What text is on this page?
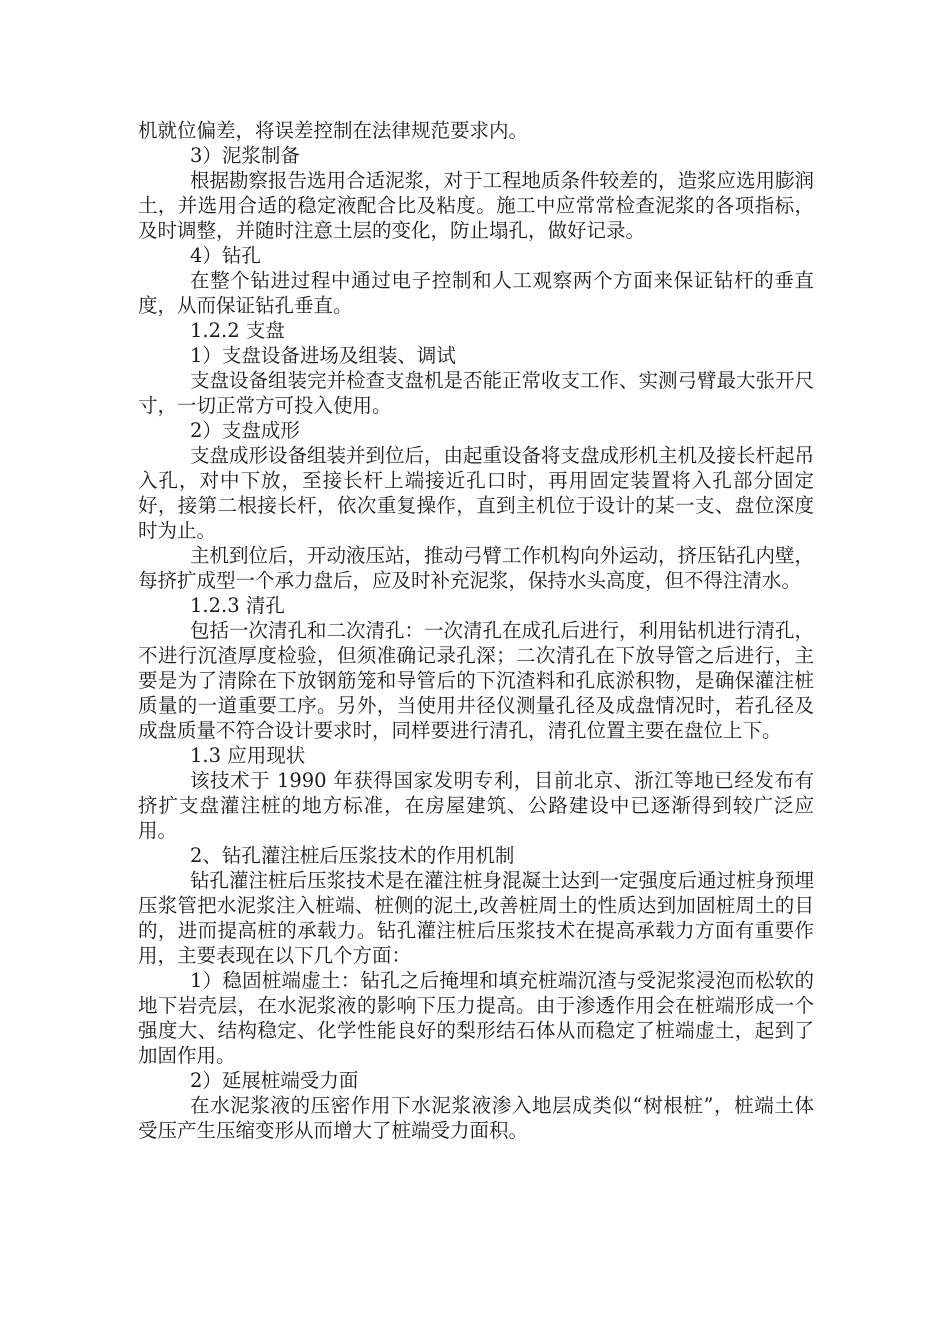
机就位偏差，将误差控制在法律规范要求内。

3）泥浆制备

根据勘察报告选用合适泥浆，对于工程地质条件较差的，造浆应选用膨润土，并选用合适的稳定液配合比及粘度。施工中应常常检查泥浆的各项指标，及时调整，并随时注意土层的变化，防止塌孔，做好记录。

4）钻孔

在整个钻进过程中通过电子控制和人工观察两个方面来保证钻杆的垂直度，从而保证钻孔垂直。

1.2.2 支盘

1）支盘设备进场及组装、调试

支盘设备组装完并检查支盘机是否能正常收支工作、实测弓臂最大张开尺寸，一切正常方可投入使用。

2）支盘成形

支盘成形设备组装并到位后，由起重设备将支盘成形机主机及接长杆起吊入孔，对中下放，至接长杆上端接近孔口时，再用固定装置将入孔部分固定好，接第二根接长杆，依次重复操作，直到主机位于设计的某一支、盘位深度时为止。

主机到位后，开动液压站，推动弓臂工作机构向外运动，挤压钻孔内壁，每挤扩成型一个承力盘后，应及时补充泥浆，保持水头高度，但不得注清水。

1.2.3 清孔

包括一次清孔和二次清孔：一次清孔在成孔后进行，利用钻机进行清孔，不进行沉渣厚度检验，但须准确记录孔深；二次清孔在下放导管之后进行，主要是为了清除在下放钢筋笼和导管后的下沉渣料和孔底淤积物，是确保灌注桩质量的一道重要工序。另外，当使用井径仪测量孔径及成盘情况时，若孔径及成盘质量不符合设计要求时，同样要进行清孔，清孔位置主要在盘位上下。

1.3 应用现状

该技术于 1990 年获得国家发明专利，目前北京、浙江等地已经发布有挤扩支盘灌注桩的地方标准，在房屋建筑、公路建设中已逐渐得到较广泛应用。

2、钻孔灌注桩后压浆技术的作用机制

钻孔灌注桩后压浆技术是在灌注桩身混凝土达到一定强度后通过桩身预埋压浆管把水泥浆注入桩端、桩侧的泥土,改善桩周土的性质达到加固桩周土的目的，进而提高桩的承载力。钻孔灌注桩后压浆技术在提高承载力方面有重要作用，主要表现在以下几个方面：

1）稳固桩端虚土：钻孔之后掩埋和填充桩端沉渣与受泥浆浸泡而松软的地下岩壳层，在水泥浆液的影响下压力提高。由于渗透作用会在桩端形成一个强度大、结构稳定、化学性能良好的梨形结石体从而稳定了桩端虚土，起到了加固作用。

2）延展桩端受力面

在水泥浆液的压密作用下水泥浆液渗入地层成类似“树根桩”，桩端土体受压产生压缩变形从而增大了桩端受力面积。
